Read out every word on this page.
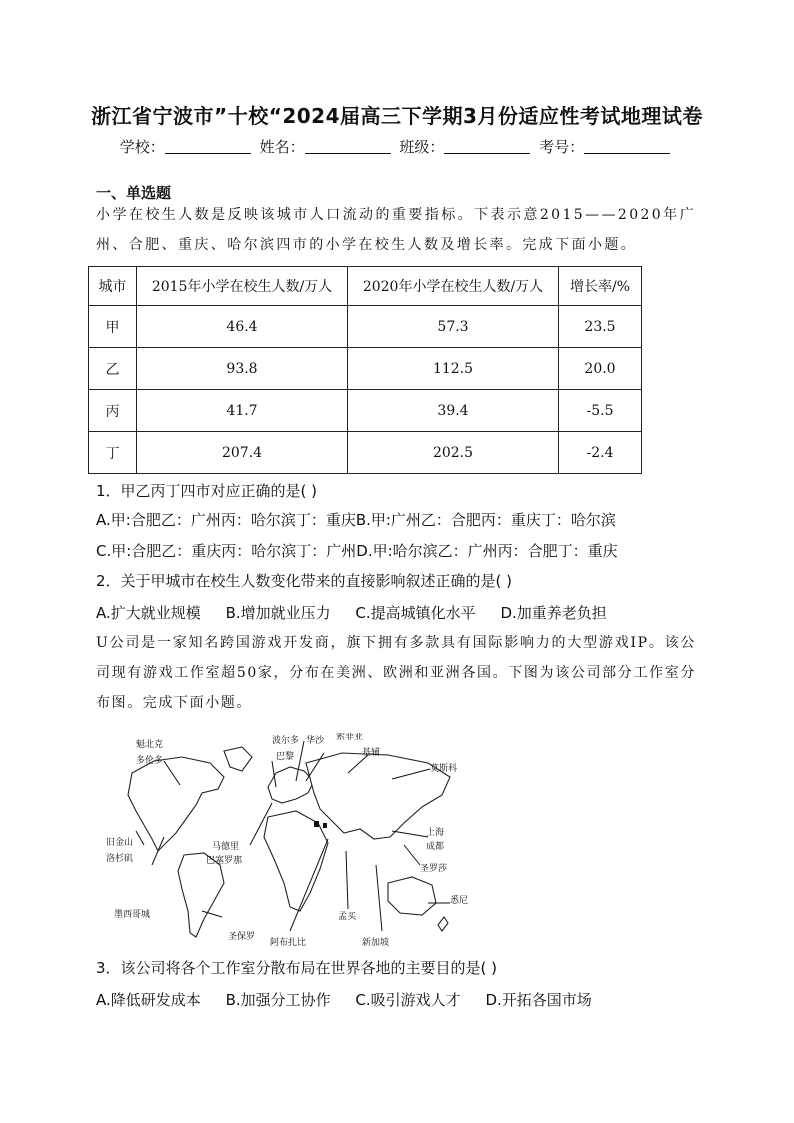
浙江省宁波市”十校“2024届高三下学期3月份适应性考试地理试卷
学校：	姓名：	班级：	考号：
一、单选题
小学在校生人数是反映该城市人口流动的重要指标。下表示意2015——2020年广州、合肥、重庆、哈尔滨四市的小学在校生人数及增长率。完成下面小题。
城市	2015年小学在校生人数/万人	2020年小学在校生人数/万人	增长率/%
甲	46.4	57.3	23.5
乙	93.8	112.5	20.0
丙	41.7	39.4	-5.5
丁	207.4	202.5	-2.4
1．甲乙丙丁四市对应正确的是( )
A.甲:合肥乙：广州丙：哈尔滨丁：重庆B.甲:广州乙：合肥丙：重庆丁：哈尔滨
C.甲:合肥乙：重庆丙：哈尔滨丁：广州D.甲:哈尔滨乙：广州丙：合肥丁：重庆
2．关于甲城市在校生人数变化带来的直接影响叙述正确的是( )
A.扩大就业规模 B.增加就业压力 C.提高城镇化水平 D.加重养老负担
U公司是一家知名跨国游戏开发商，旗下拥有多款具有国际影响力的大型游戏IP。该公司现有游戏工作室超50家，分布在美洲、欧洲和亚洲各国。下图为该公司部分工作室分布图。完成下面小题。
魁北克
多伦多
旧金山
洛杉矶
墨西哥城
圣保罗
马德里
巴塞罗那
波尔多
巴黎
华沙 索菲亚
基辅
莫斯科
上海
成都
圣罗莎
悉尼
新加坡
孟买
阿布扎比
3．该公司将各个工作室分散布局在世界各地的主要目的是( )
A.降低研发成本 B.加强分工协作 C.吸引游戏人才 D.开拓各国市场
